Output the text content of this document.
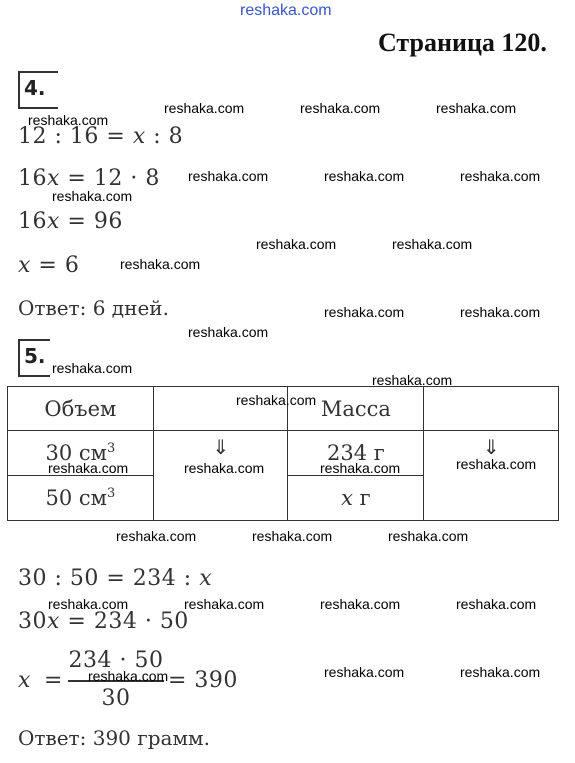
reshaka.com
Страница 120.
4.
12 : 16 = x : 8
16x = 12 · 8
16x = 96
x = 6
Ответ: 6 дней.
5.
Объем		Масса	
30 $см^3$	⇓	234 г	⇓
50 $см^3$		x г	
30 : 50 = 234 : x
30x = 234 · 50
x =
234 · 50
30
= 390
Ответ: 390 грамм.
reshaka.com
reshaka.com	reshaka.com	reshaka.com
reshaka.com
reshaka.com	reshaka.com	reshaka.com
reshaka.com	reshaka.com
reshaka.com
reshaka.com	reshaka.com
reshaka.com
reshaka.com
reshaka.com
reshaka.com
reshaka.com	reshaka.com	reshaka.com	reshaka.com
reshaka.com	reshaka.com	reshaka.com
reshaka.com	reshaka.com	reshaka.com	reshaka.com
reshaka.com	reshaka.com	reshaka.com
